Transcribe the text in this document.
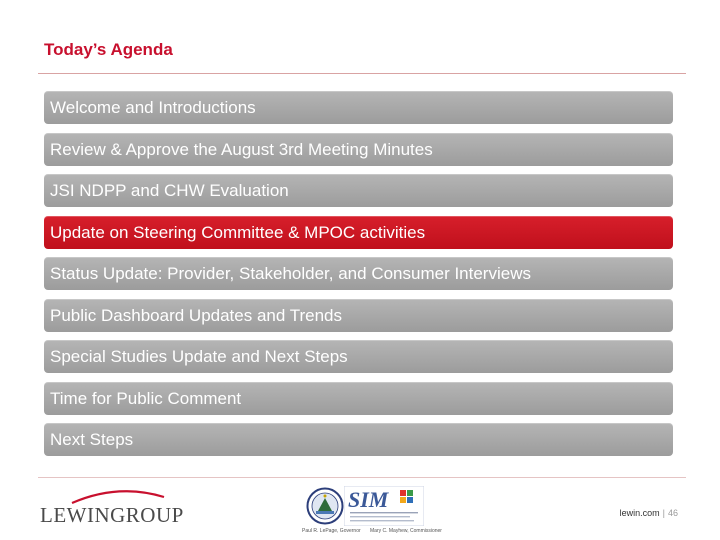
Today’s Agenda
Welcome and Introductions
Review & Approve the August 3rd Meeting Minutes
JSI NDPP and CHW Evaluation
Update on Steering Committee & MPOC activities
Status Update: Provider, Stakeholder, and Consumer Interviews
Public Dashboard Updates and Trends
Special Studies Update and Next Steps
Time for Public Comment
Next Steps
LEWINGROUP
SIM
Paul R. LePage, Governor Mary C. Mayhew, Commissioner
lewin.com | 46
